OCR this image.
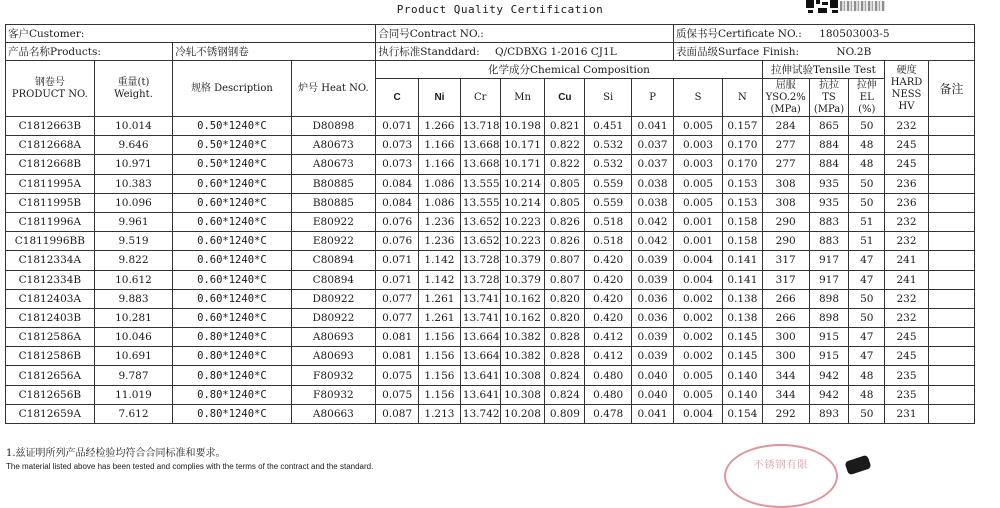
Product Quality Certification
客户Customer:				合同号Contract NO.:							质保书号Certificate NO.: 180503003-5						
产品名称Products:		冷轧不锈钢钢卷		执行标准Standdard: Q/CDBXG 1-2016 CJ1L							表面品级Surface Finish: NO.2B						
钢卷号 PRODUCT NO.	重量(t) Weight.	规格 Description	炉号 Heat NO.	化学成分Chemical Composition									拉伸试验Tensile Test			硬度 HARD NESS HV	备注
				C	Ni	Cr	Mn	Cu	Si	P	S	N	屈服 YSO.2% (MPa)	抗拉 TS (MPa)	拉伸 EL (%)		
C1812663B	10.014	0.50*1240*C	D80898	0.071	1.266	13.718	10.198	0.821	0.451	0.041	0.005	0.157	284	865	50	232	
C1812668A	9.646	0.50*1240*C	A80673	0.073	1.166	13.668	10.171	0.822	0.532	0.037	0.003	0.170	277	884	48	245	
C1812668B	10.971	0.50*1240*C	A80673	0.073	1.166	13.668	10.171	0.822	0.532	0.037	0.003	0.170	277	884	48	245	
C1811995A	10.383	0.60*1240*C	B80885	0.084	1.086	13.555	10.214	0.805	0.559	0.038	0.005	0.153	308	935	50	236	
C1811995B	10.096	0.60*1240*C	B80885	0.084	1.086	13.555	10.214	0.805	0.559	0.038	0.005	0.153	308	935	50	236	
C1811996A	9.961	0.60*1240*C	E80922	0.076	1.236	13.652	10.223	0.826	0.518	0.042	0.001	0.158	290	883	51	232	
C1811996BB	9.519	0.60*1240*C	E80922	0.076	1.236	13.652	10.223	0.826	0.518	0.042	0.001	0.158	290	883	51	232	
C1812334A	9.822	0.60*1240*C	C80894	0.071	1.142	13.728	10.379	0.807	0.420	0.039	0.004	0.141	317	917	47	241	
C1812334B	10.612	0.60*1240*C	C80894	0.071	1.142	13.728	10.379	0.807	0.420	0.039	0.004	0.141	317	917	47	241	
C1812403A	9.883	0.60*1240*C	D80922	0.077	1.261	13.741	10.162	0.820	0.420	0.036	0.002	0.138	266	898	50	232	
C1812403B	10.281	0.60*1240*C	D80922	0.077	1.261	13.741	10.162	0.820	0.420	0.036	0.002	0.138	266	898	50	232	
C1812586A	10.046	0.80*1240*C	A80693	0.081	1.156	13.664	10.382	0.828	0.412	0.039	0.002	0.145	300	915	47	245	
C1812586B	10.691	0.80*1240*C	A80693	0.081	1.156	13.664	10.382	0.828	0.412	0.039	0.002	0.145	300	915	47	245	
C1812656A	9.787	0.80*1240*C	F80932	0.075	1.156	13.641	10.308	0.824	0.480	0.040	0.005	0.140	344	942	48	235	
C1812656B	11.019	0.80*1240*C	F80932	0.075	1.156	13.641	10.308	0.824	0.480	0.040	0.005	0.140	344	942	48	235	
C1812659A	7.612	0.80*1240*C	A80663	0.087	1.213	13.742	10.208	0.809	0.478	0.041	0.004	0.154	292	893	50	231	
1.兹证明所列产品经检验均符合合同标准和要求。
The material listed above has been tested and complies with the terms of the contract and the standard.	不锈钢有限
